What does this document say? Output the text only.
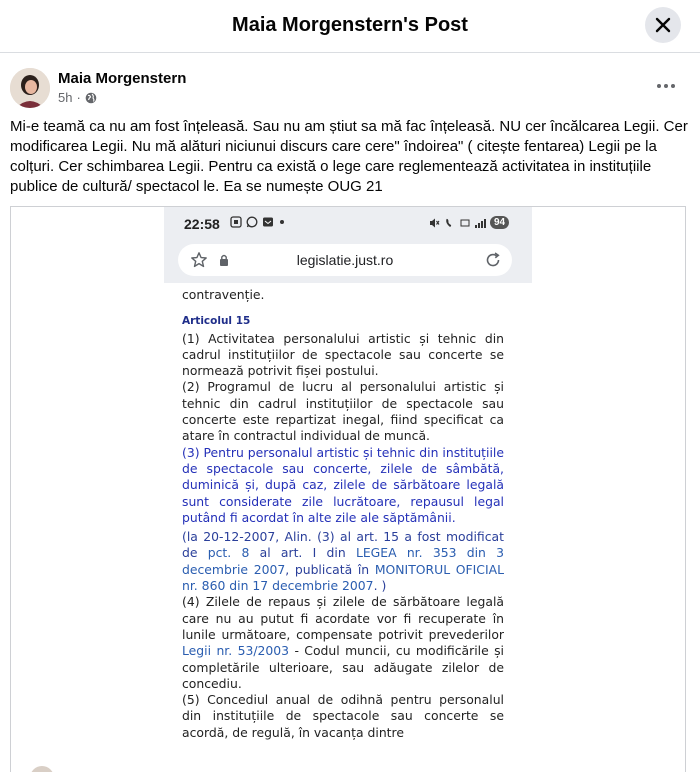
Maia Morgenstern's Post
Maia Morgenstern
5h ·
Mi-e teamă ca nu am fost înțeleasă. Sau nu am știut sa mă fac înțeleasă. NU cer încălcarea Legii. Cer modificarea Legii. Nu mă alături niciunui discurs care cere" îndoirea" ( citește fentarea) Legii pe la colțuri. Cer schimbarea Legii. Pentru ca există o lege care reglementează activitatea in instituțiile publice de cultură/ spectacol le. Ea se numește OUG 21
22:58	94
legislatie.just.ro

contravenție.

Articolul 15

(1) Activitatea personalului artistic și tehnic din cadrul instituțiilor de spectacole sau concerte se normează potrivit fișei postului.

(2) Programul de lucru al personalului artistic și tehnic din cadrul instituțiilor de spectacole sau concerte este repartizat inegal, fiind specificat ca atare în contractul individual de muncă.

(3) Pentru personalul artistic și tehnic din instituțiile de spectacole sau concerte, zilele de sâmbătă, duminică și, după caz, zilele de sărbătoare legală sunt considerate zile lucrătoare, repausul legal putând fi acordat în alte zile ale săptămânii.

(la 20-12-2007, Alin. (3) al art. 15 a fost modificat de pct. 8 al art. I din LEGEA nr. 353 din 3 decembrie 2007, publicată în MONITORUL OFICIAL nr. 860 din 17 decembrie 2007. )

(4) Zilele de repaus și zilele de sărbătoare legală care nu au putut fi acordate vor fi recuperate în lunile următoare, compensate potrivit prevederilor Legii nr. 53/2003 - Codul muncii, cu modificările și completările ulterioare, sau adăugate zilelor de concediu.

(5) Concediul anual de odihnă pentru personalul din instituțiile de spectacole sau concerte se acordă, de regulă, în vacanța dintre
